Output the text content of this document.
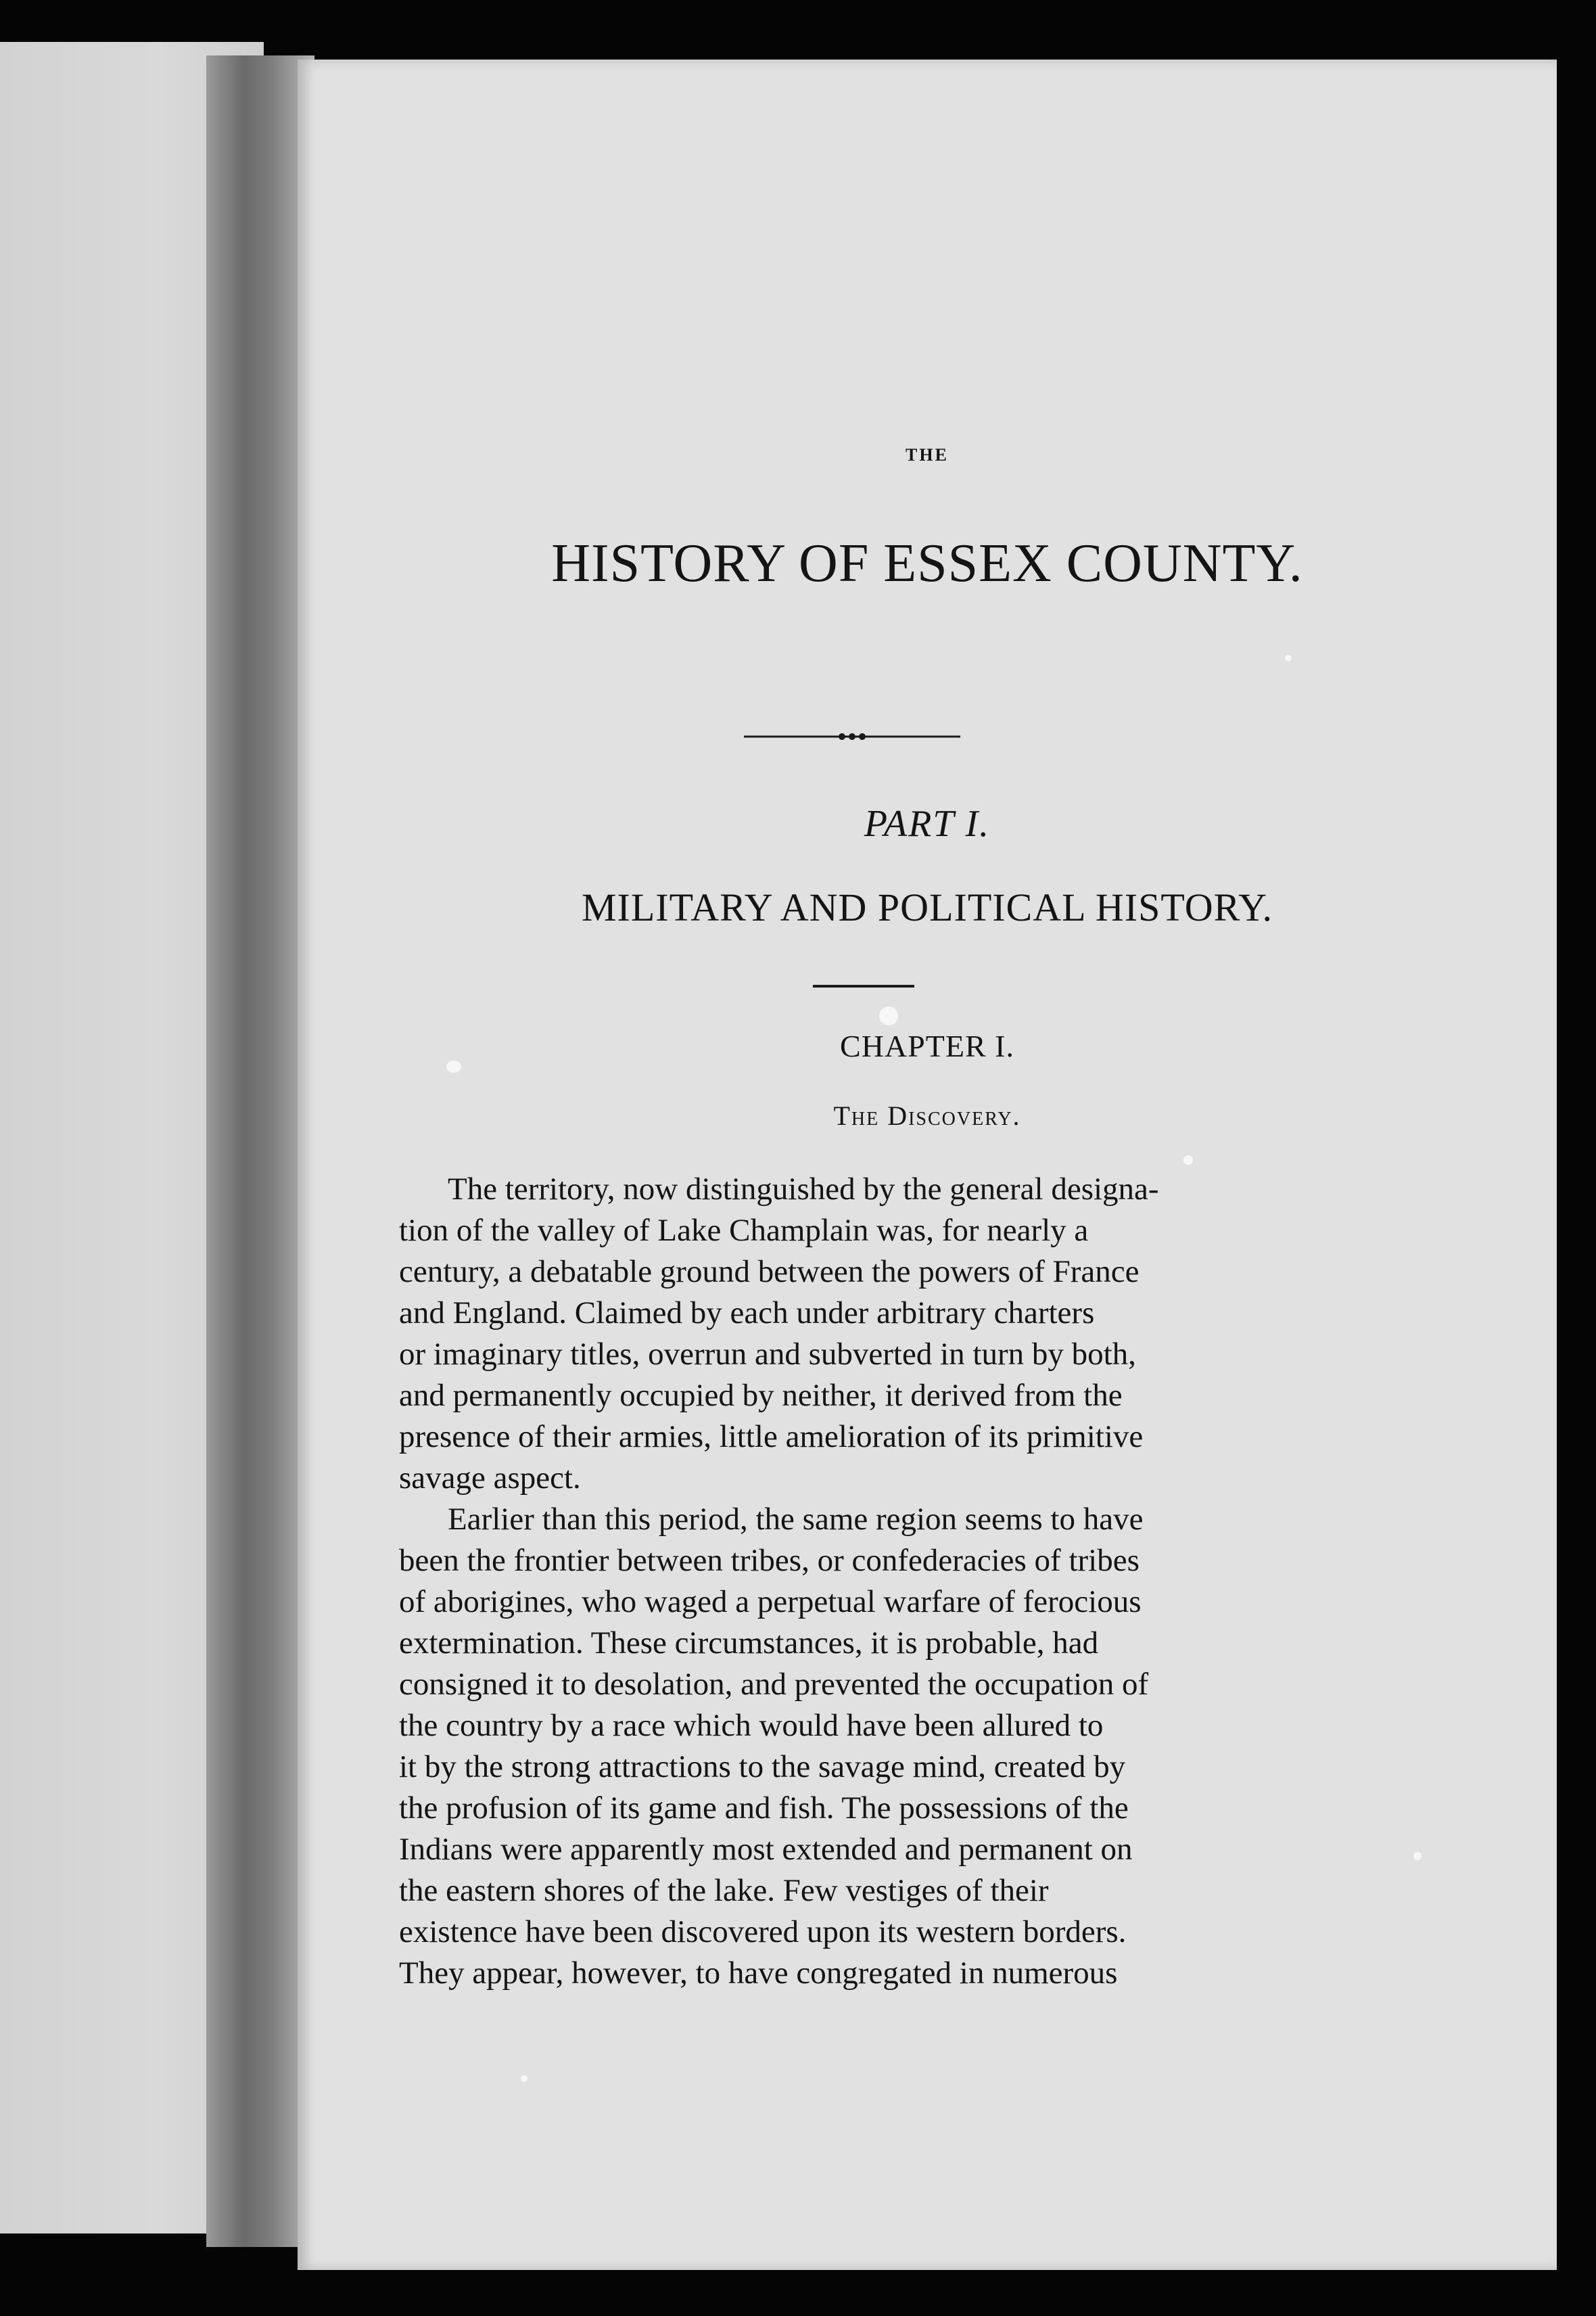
THE
HISTORY OF ESSEX COUNTY.
PART I.
MILITARY AND POLITICAL HISTORY.
CHAPTER I.
The Discovery.

The territory, now distinguished by the general designa-
tion of the valley of Lake Champlain was, for nearly a
century, a debatable ground between the powers of France
and England. Claimed by each under arbitrary charters
or imaginary titles, overrun and subverted in turn by both,
and permanently occupied by neither, it derived from the
presence of their armies, little amelioration of its primitive
savage aspect.

Earlier than this period, the same region seems to have
been the frontier between tribes, or confederacies of tribes
of aborigines, who waged a perpetual warfare of ferocious
extermination. These circumstances, it is probable, had
consigned it to desolation, and prevented the occupation of
the country by a race which would have been allured to
it by the strong attractions to the savage mind, created by
the profusion of its game and fish. The possessions of the
Indians were apparently most extended and permanent on
the eastern shores of the lake. Few vestiges of their
existence have been discovered upon its western borders.
They appear, however, to have congregated in numerous
